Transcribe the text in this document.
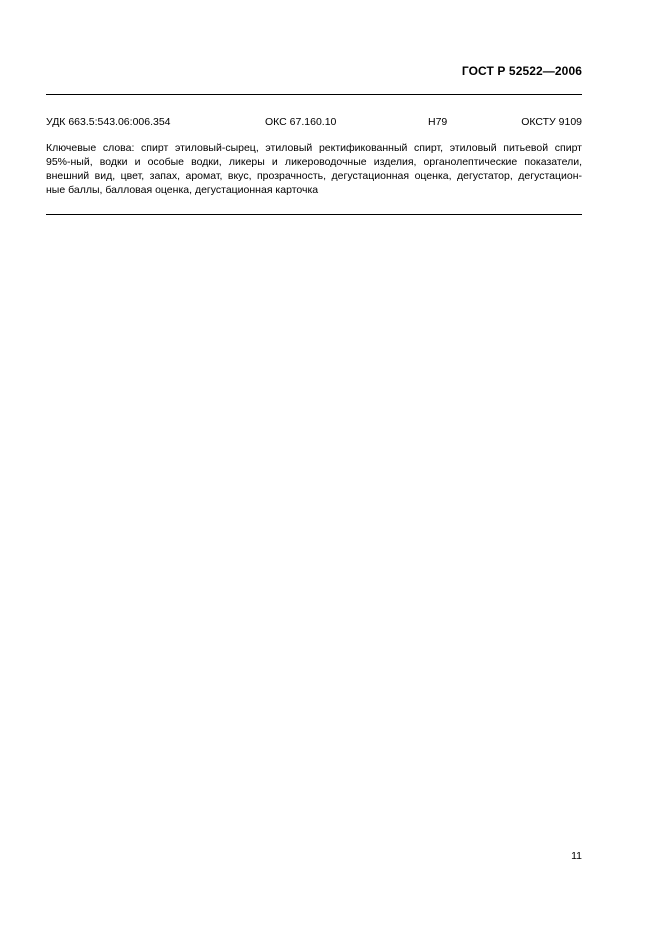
ГОСТ Р 52522—2006
УДК 663.5:543.06:006.354	ОКС 67.160.10	Н79	ОКСТУ 9109
Ключевые слова: спирт этиловый-сырец, этиловый ректификованный спирт, этиловый питьевой спирт
95%-ный, водки и особые водки, ликеры и ликероводочные изделия, органолептические показатели,
внешний вид, цвет, запах, аромат, вкус, прозрачность, дегустационная оценка, дегустатор, дегустацион-
ные баллы, балловая оценка, дегустационная карточка
11
